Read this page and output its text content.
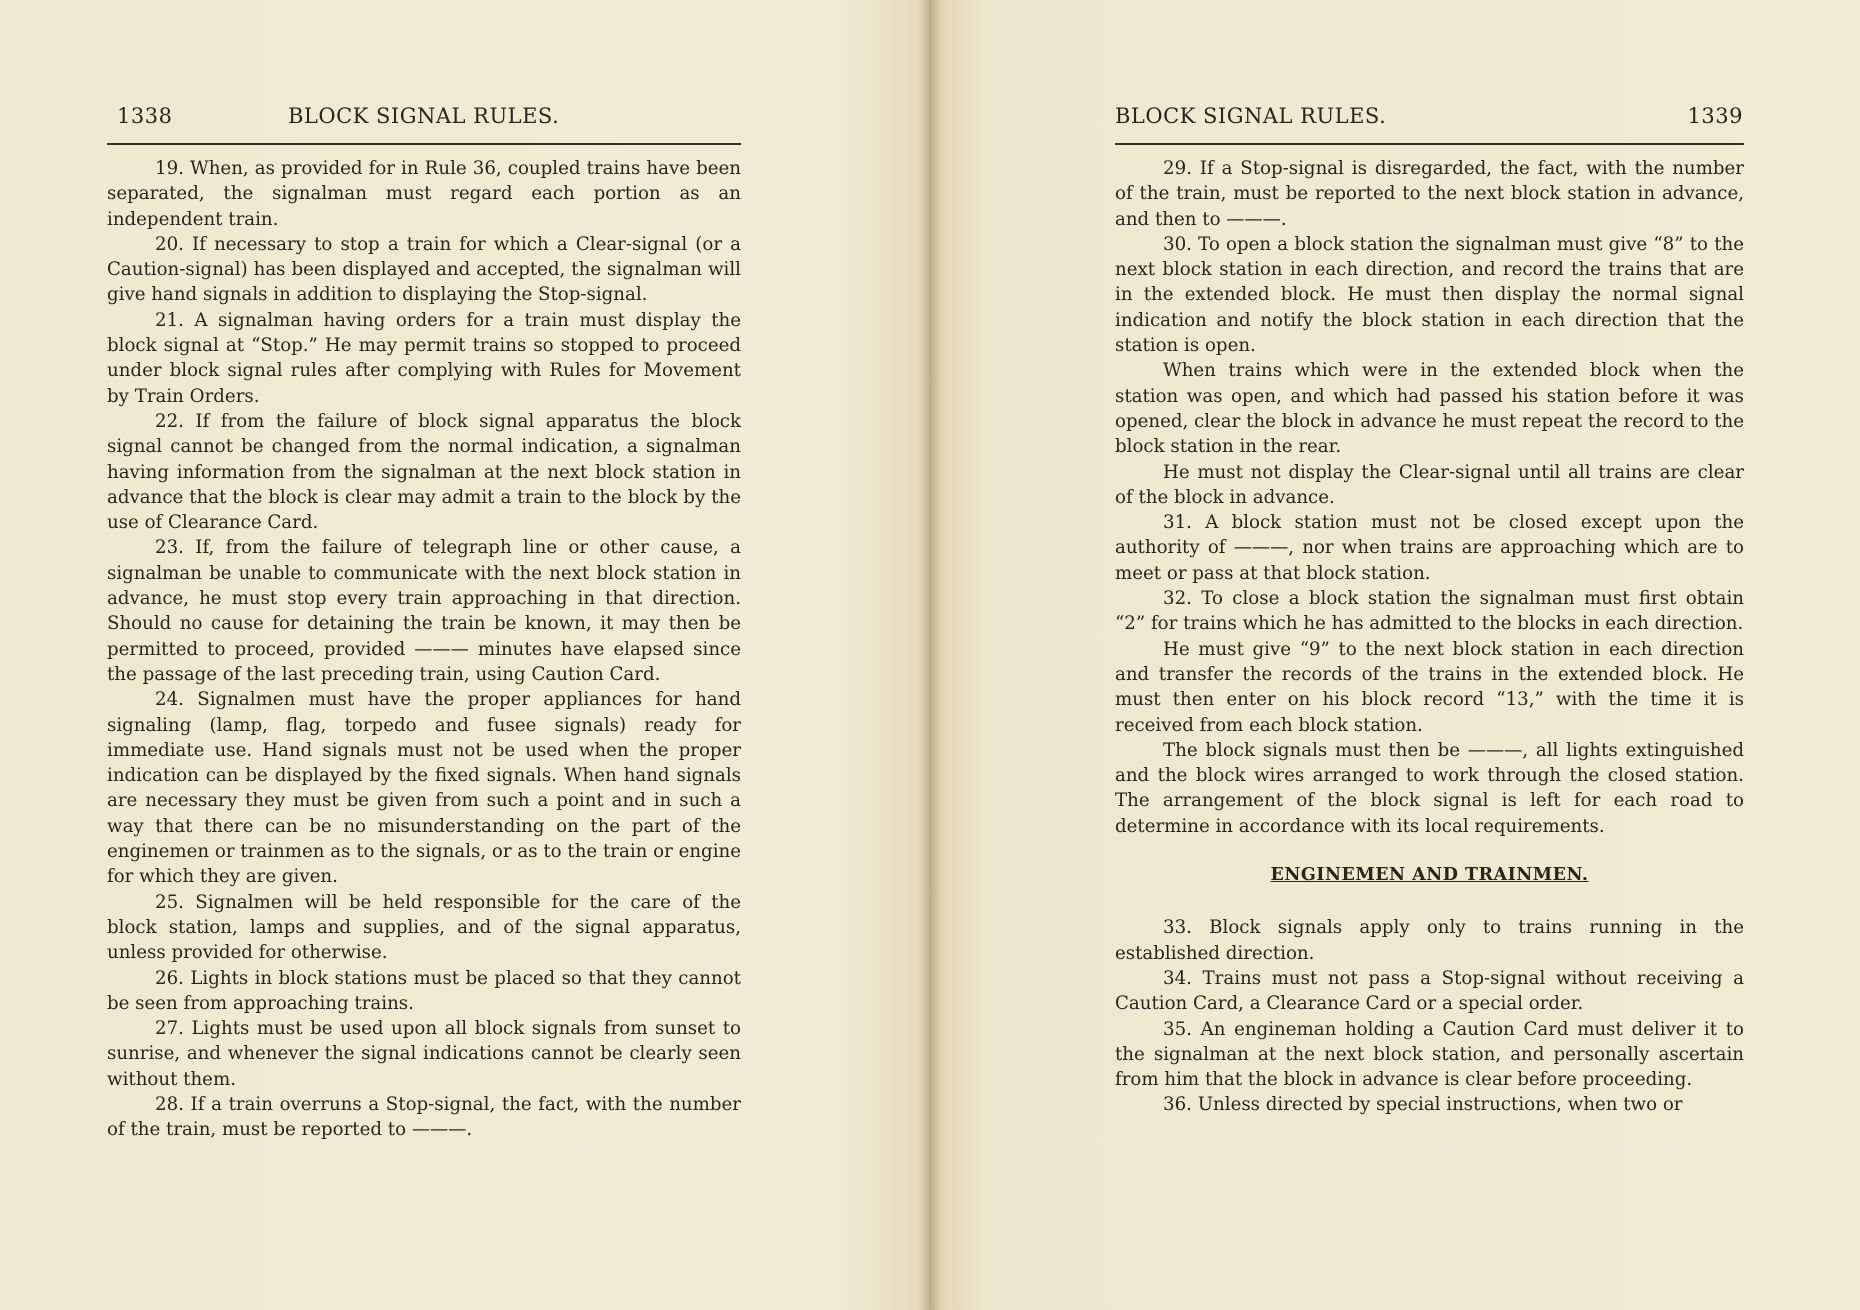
1338	BLOCK SIGNAL RULES.

19. When, as provided for in Rule 36, coupled trains have been separated, the signalman must regard each portion as an independent train.

20. If necessary to stop a train for which a Clear-signal (or a Caution-signal) has been displayed and accepted, the signalman will give hand signals in addition to displaying the Stop-signal.

21. A signalman having orders for a train must display the block signal at “Stop.” He may permit trains so stopped to proceed under block signal rules after complying with Rules for Movement by Train Orders.

22. If from the failure of block signal apparatus the block signal cannot be changed from the normal indication, a signalman having information from the signalman at the next block station in advance that the block is clear may admit a train to the block by the use of Clearance Card.

23. If, from the failure of telegraph line or other cause, a signalman be unable to communicate with the next block station in advance, he must stop every train approaching in that direction. Should no cause for detaining the train be known, it may then be permitted to proceed, provided ——— minutes have elapsed since the passage of the last preceding train, using Caution Card.

24. Signalmen must have the proper appliances for hand signaling (lamp, flag, torpedo and fusee signals) ready for immediate use. Hand signals must not be used when the proper indication can be displayed by the fixed signals. When hand signals are necessary they must be given from such a point and in such a way that there can be no misunderstanding on the part of the enginemen or trainmen as to the signals, or as to the train or engine for which they are given.

25. Signalmen will be held responsible for the care of the block station, lamps and supplies, and of the signal apparatus, unless provided for otherwise.

26. Lights in block stations must be placed so that they cannot be seen from approaching trains.

27. Lights must be used upon all block signals from sunset to sunrise, and whenever the signal indications cannot be clearly seen without them.

28. If a train overruns a Stop-signal, the fact, with the number of the train, must be reported to ———.

BLOCK SIGNAL RULES.	1339

29. If a Stop-signal is disregarded, the fact, with the number of the train, must be reported to the next block station in advance, and then to ———.

30. To open a block station the signalman must give “8” to the next block station in each direction, and record the trains that are in the extended block. He must then display the normal signal indication and notify the block station in each direction that the station is open.

When trains which were in the extended block when the station was open, and which had passed his station before it was opened, clear the block in advance he must repeat the record to the block station in the rear.

He must not display the Clear-signal until all trains are clear of the block in advance.

31. A block station must not be closed except upon the authority of ———, nor when trains are approaching which are to meet or pass at that block station.

32. To close a block station the signalman must first obtain “2” for trains which he has admitted to the blocks in each direction.

He must give “9” to the next block station in each direction and transfer the records of the trains in the extended block. He must then enter on his block record “13,” with the time it is received from each block station.

The block signals must then be ———, all lights extinguished and the block wires arranged to work through the closed station. The arrangement of the block signal is left for each road to determine in accordance with its local requirements.

ENGINEMEN AND TRAINMEN.

33. Block signals apply only to trains running in the established direction.

34. Trains must not pass a Stop-signal without receiving a Caution Card, a Clearance Card or a special order.

35. An engineman holding a Caution Card must deliver it to the signalman at the next block station, and personally ascertain from him that the block in advance is clear before proceeding.

36. Unless directed by special instructions, when two or
